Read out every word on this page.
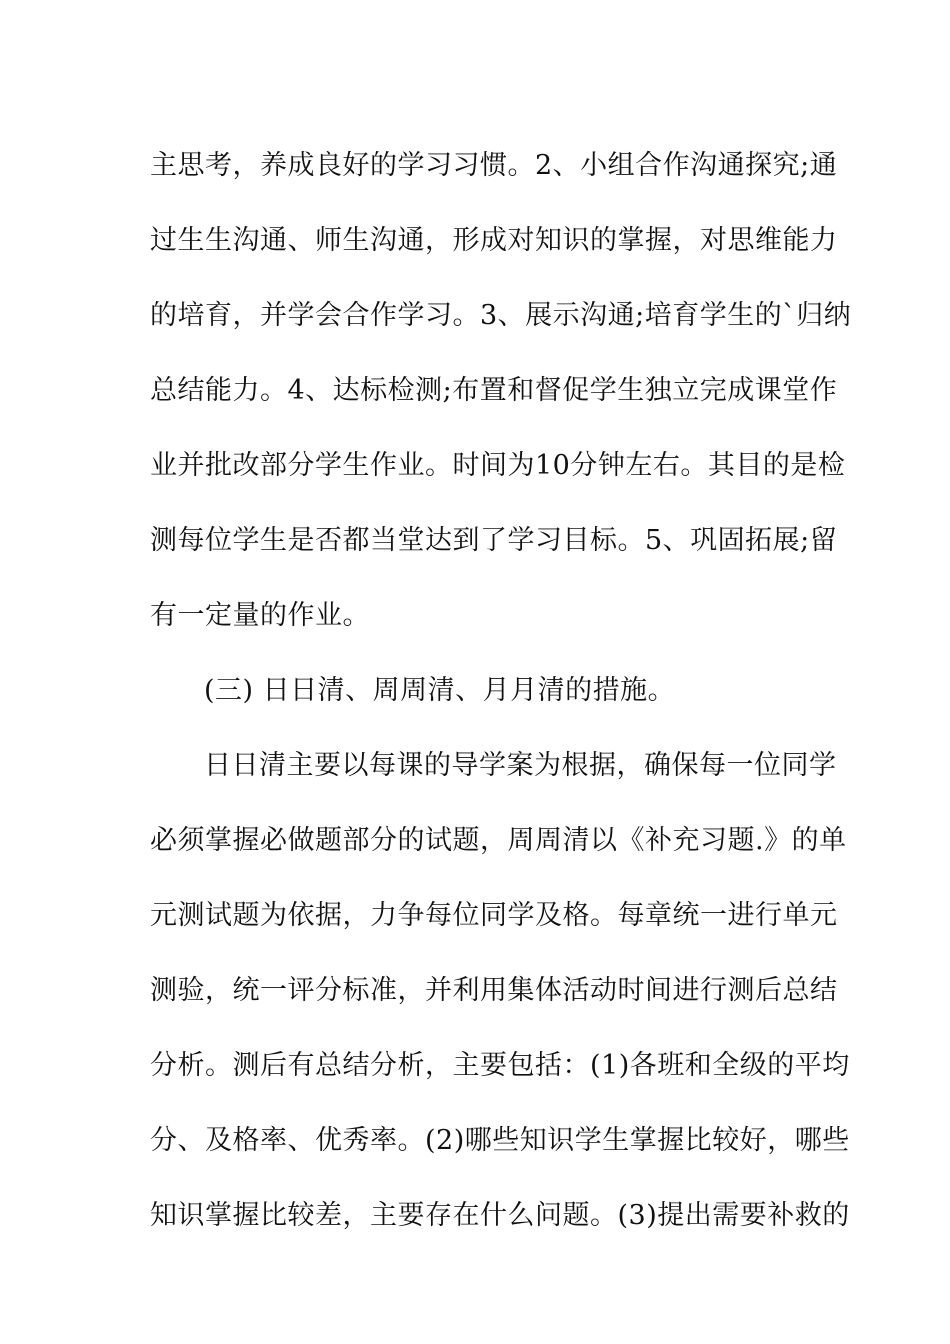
主思考，养成良好的学习习惯。2、小组合作沟通探究;通
过生生沟通、师生沟通，形成对知识的掌握，对思维能力
的培育，并学会合作学习。3、展示沟通;培育学生的`归纳
总结能力。4、达标检测;布置和督促学生独立完成课堂作
业并批改部分学生作业。时间为10分钟左右。其目的是检
测每位学生是否都当堂达到了学习目标。5、巩固拓展;留
有一定量的作业。
(三) 日日清、周周清、月月清的措施。
日日清主要以每课的导学案为根据，确保每一位同学
必须掌握必做题部分的试题，周周清以《补充习题.》的单
元测试题为依据，力争每位同学及格。每章统一进行单元
测验，统一评分标准，并利用集体活动时间进行测后总结
分析。测后有总结分析，主要包括：(1)各班和全级的平均
分、及格率、优秀率。(2)哪些知识学生掌握比较好，哪些
知识掌握比较差，主要存在什么问题。(3)提出需要补救的
